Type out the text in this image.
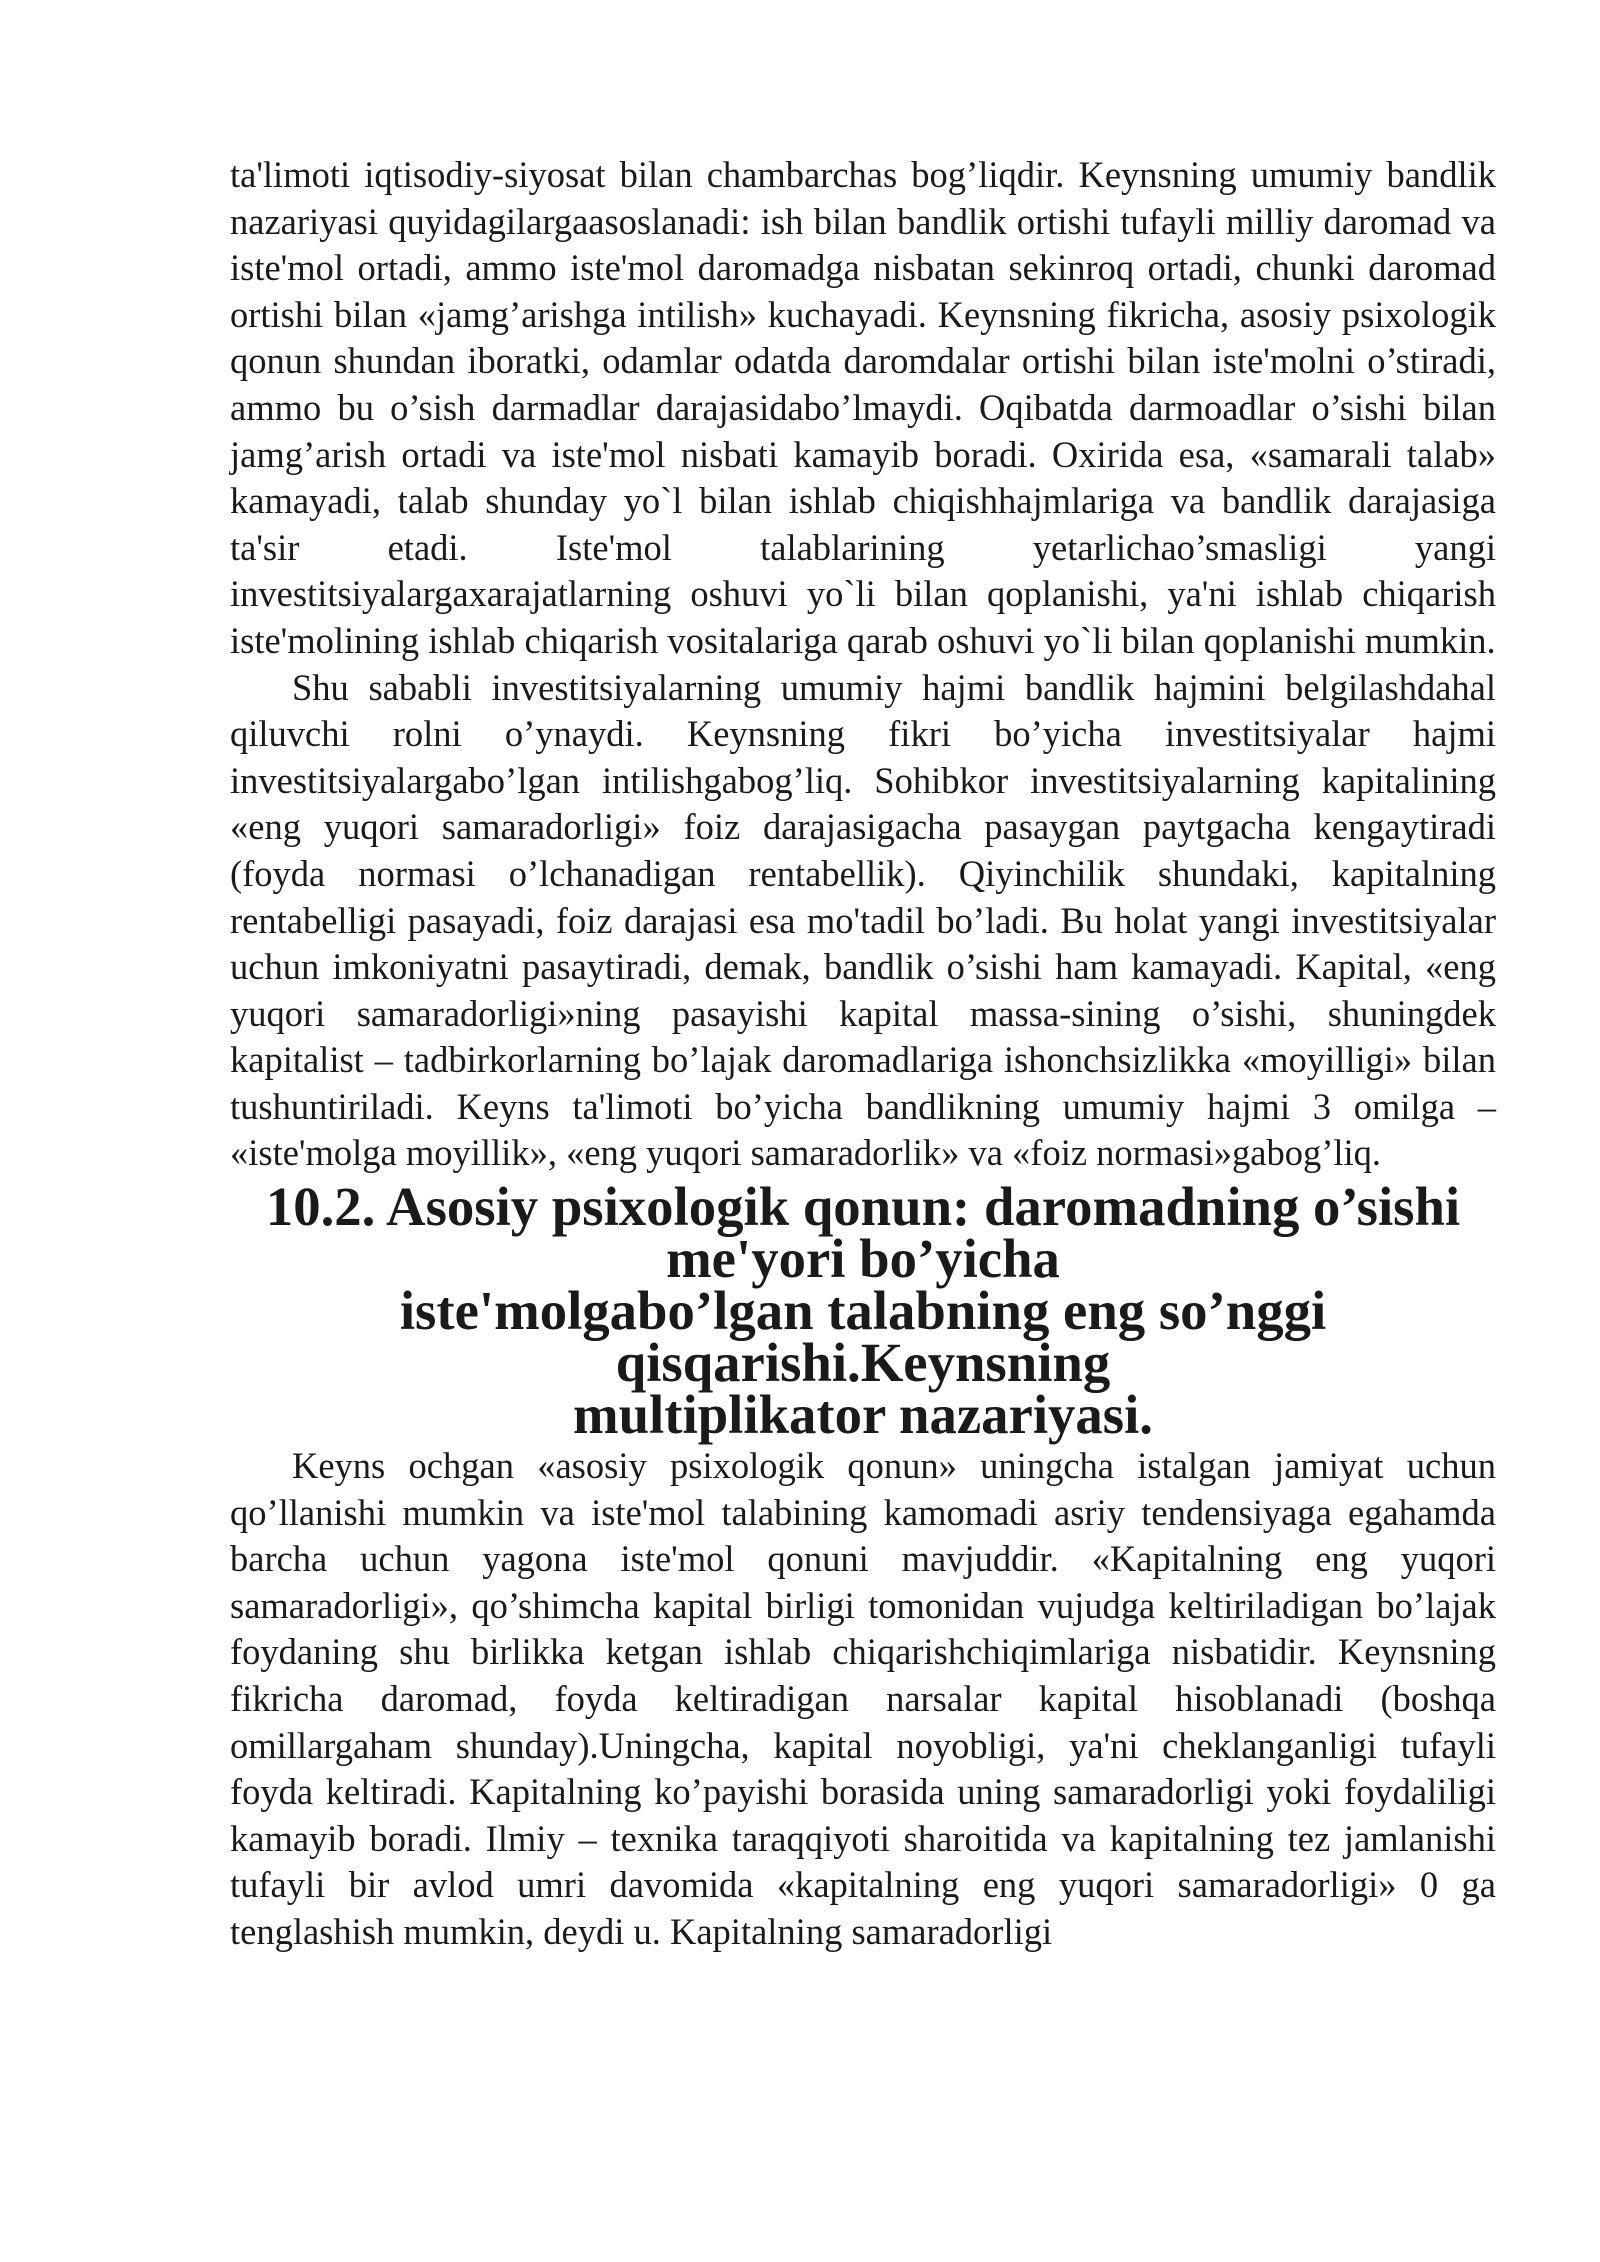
ta'limoti iqtisodiy-siyosat bilan chambarchas bog’liqdir. Keynsning umumiy bandlik nazariyasi quyidagilargaasoslanadi: ish bilan bandlik ortishi tufayli milliy daromad va iste'mol ortadi, ammo iste'mol daromadga nisbatan sekinroq ortadi, chunki daromad ortishi bilan «jamg’arishga intilish» kuchayadi. Keynsning fikricha, asosiy psixologik qonun shundan iboratki, odamlar odatda daromdalar ortishi bilan iste'molni o’stiradi, ammo bu o’sish darmadlar darajasidabo’lmaydi. Oqibatda darmoadlar o’sishi bilan jamg’arish ortadi va iste'mol nisbati kamayib boradi. Oxirida esa, «samarali talab» kamayadi, talab shunday yo`l bilan ishlab chiqishhajmlariga va bandlik darajasiga ta'sir etadi. Iste'mol talablarining yetarlichao’smasligi yangi investitsiyalargaxarajatlarning oshuvi yo`li bilan qoplanishi, ya'ni ishlab chiqarish iste'molining ishlab chiqarish vositalariga qarab oshuvi yo`li bilan qoplanishi mumkin.

Shu sababli investitsiyalarning umumiy hajmi bandlik hajmini belgilashdahal qiluvchi rolni o’ynaydi. Keynsning fikri bo’yicha investitsiyalar hajmi investitsiyalargabo’lgan intilishgabog’liq. Sohibkor investitsiyalarning kapitalining «eng yuqori samaradorligi» foiz darajasigacha pasaygan paytgacha kengaytiradi (foyda normasi o’lchanadigan rentabellik). Qiyinchilik shundaki, kapitalning rentabelligi pasayadi, foiz darajasi esa mo'tadil bo’ladi. Bu holat yangi investitsiyalar uchun imkoniyatni pasaytiradi, demak, bandlik o’sishi ham kamayadi. Kapital, «eng yuqori samaradorligi»ning pasayishi kapital massa-sining o’sishi, shuningdek kapitalist – tadbirkorlarning bo’lajak daromadlariga ishonchsizlikka «moyilligi» bilan tushuntiriladi. Keyns ta'limoti bo’yicha bandlikning umumiy hajmi 3 omilga – «iste'molga moyillik», «eng yuqori samaradorlik» va «foiz normasi»gabog’liq.

10.2. Asosiy psixologik qonun: daromadning o’sishi me'yori bo’yicha
iste'molgabo’lgan talabning eng so’nggi qisqarishi.Keynsning
multiplikator nazariyasi.

Keyns ochgan «asosiy psixologik qonun» uningcha istalgan jamiyat uchun qo’llanishi mumkin va iste'mol talabining kamomadi asriy tendensiyaga egahamda barcha uchun yagona iste'mol qonuni mavjuddir. «Kapitalning eng yuqori samaradorligi», qo’shimcha kapital birligi tomonidan vujudga keltiriladigan bo’lajak foydaning shu birlikka ketgan ishlab chiqarishchiqimlariga nisbatidir. Keynsning fikricha daromad, foyda keltiradigan narsalar kapital hisoblanadi (boshqa omillargaham shunday).Uningcha, kapital noyobligi, ya'ni cheklanganligi tufayli foyda keltiradi. Kapitalning ko’payishi borasida uning samaradorligi yoki foydaliligi kamayib boradi. Ilmiy – texnika taraqqiyoti sharoitida va kapitalning tez jamlanishi tufayli bir avlod umri davomida «kapitalning eng yuqori samaradorligi» 0 ga tenglashish mumkin, deydi u. Kapitalning samaradorligi
